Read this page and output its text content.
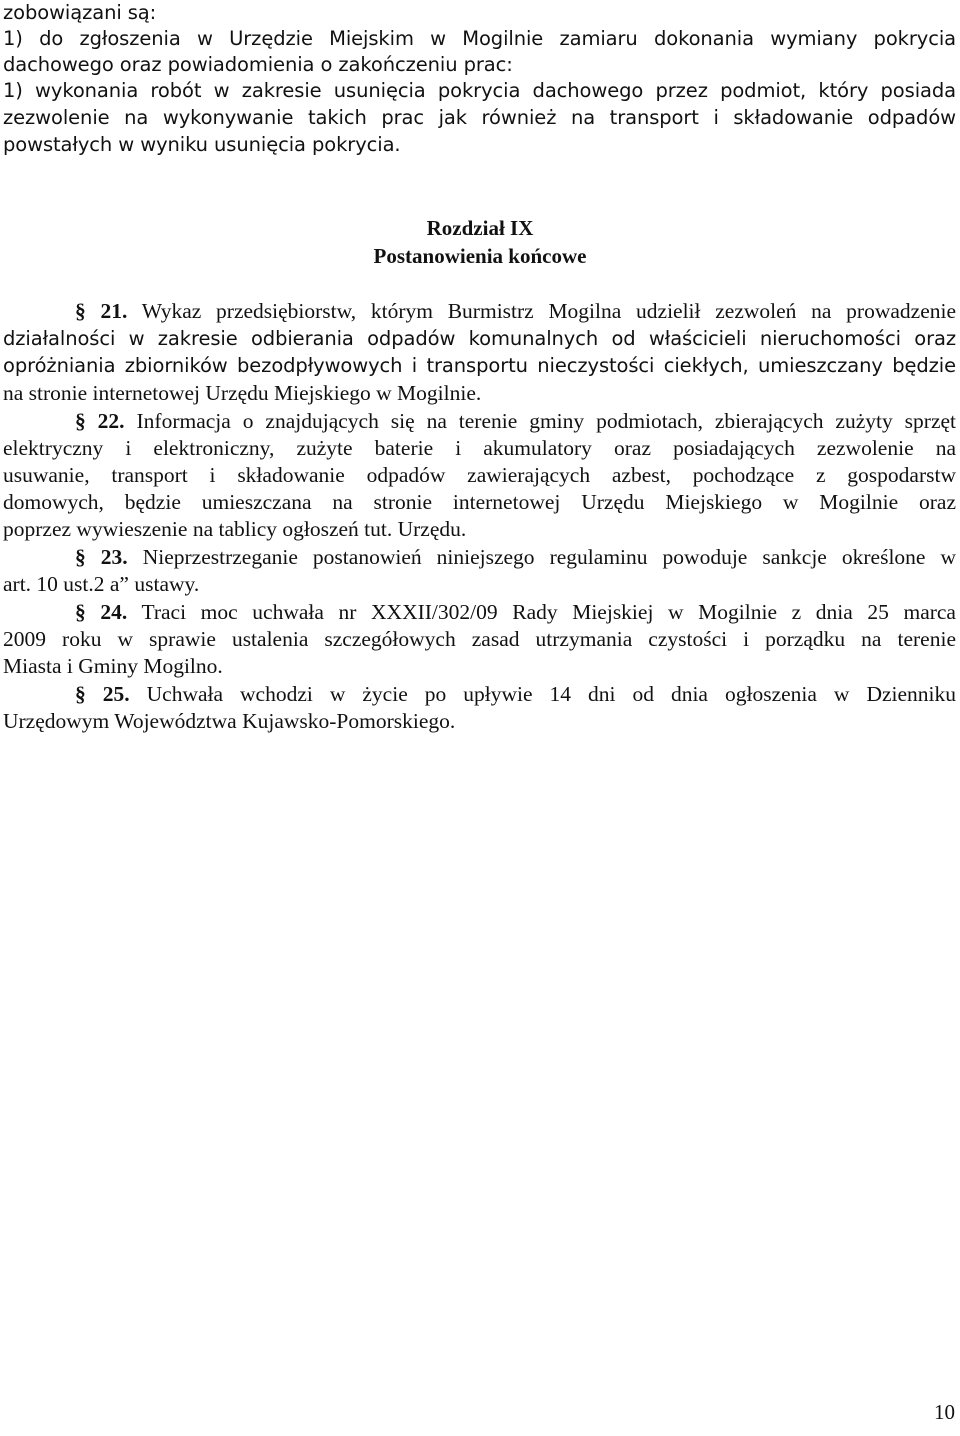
zobowiązani są:
1) do zgłoszenia w Urzędzie Miejskim w Mogilnie zamiaru dokonania wymiany pokrycia
dachowego oraz powiadomienia o zakończeniu prac:
1) wykonania robót w zakresie usunięcia pokrycia dachowego przez podmiot, który posiada
zezwolenie na wykonywanie takich prac jak również na transport i składowanie odpadów
powstałych w wyniku usunięcia pokrycia.
Rozdział IX
Postanowienia końcowe
§ 21. Wykaz przedsiębiorstw, którym Burmistrz Mogilna udzielił zezwoleń na prowadzenie
działalności w zakresie odbierania odpadów komunalnych od właścicieli nieruchomości oraz
opróżniania zbiorników bezodpływowych i transportu nieczystości ciekłych, umieszczany będzie
na stronie internetowej Urzędu Miejskiego w Mogilnie.
§ 22. Informacja o znajdujących się na terenie gminy podmiotach, zbierających zużyty sprzęt
elektryczny i elektroniczny, zużyte baterie i akumulatory oraz posiadających zezwolenie na
usuwanie, transport i składowanie odpadów zawierających azbest, pochodzące z gospodarstw
domowych, będzie umieszczana na stronie internetowej Urzędu Miejskiego w Mogilnie oraz
poprzez wywieszenie na tablicy ogłoszeń tut. Urzędu.
§ 23. Nieprzestrzeganie postanowień niniejszego regulaminu powoduje sankcje określone w
art. 10 ust.2 a” ustawy.
§ 24. Traci moc uchwała nr XXXII/302/09 Rady Miejskiej w Mogilnie z dnia 25 marca
2009 roku w sprawie ustalenia szczegółowych zasad utrzymania czystości i porządku na terenie
Miasta i Gminy Mogilno.
§ 25. Uchwała wchodzi w życie po upływie 14 dni od dnia ogłoszenia w Dzienniku
Urzędowym Województwa Kujawsko-Pomorskiego.
10
